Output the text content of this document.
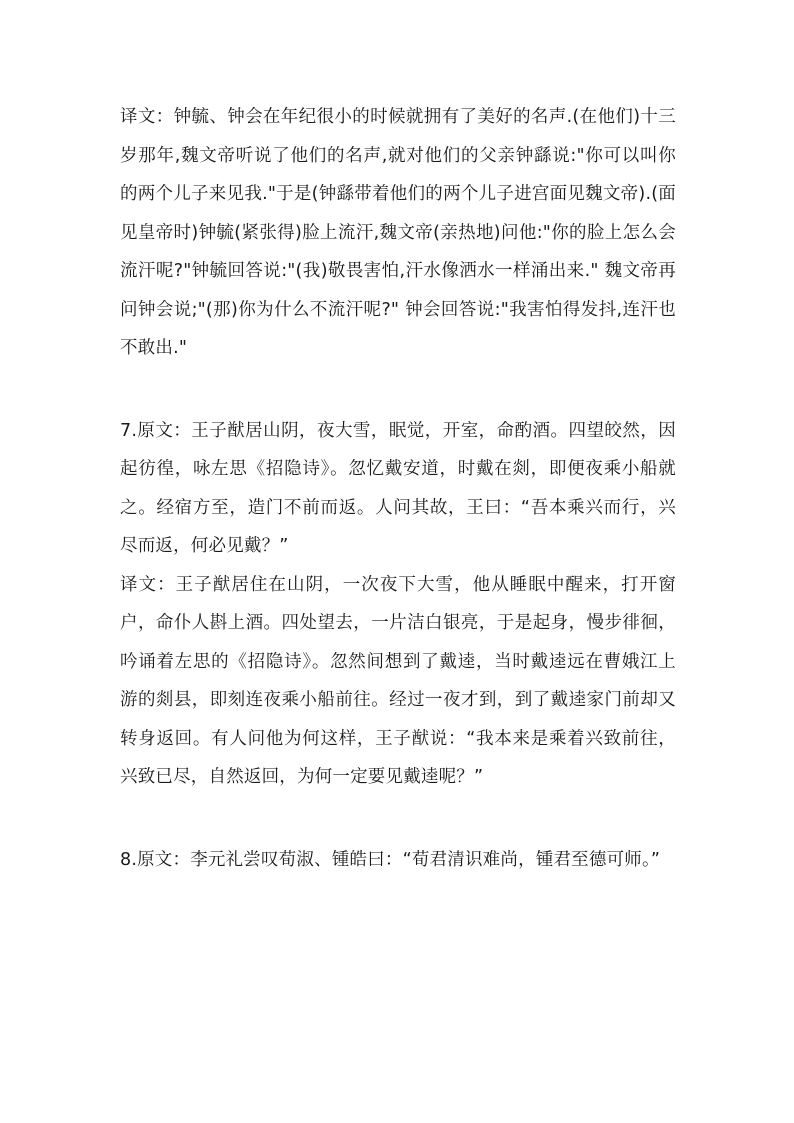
译文：钟毓、钟会在年纪很小的时候就拥有了美好的名声.(在他们)十三岁那年,魏文帝听说了他们的名声,就对他们的父亲钟繇说:"你可以叫你的两个儿子来见我."于是(钟繇带着他们的两个儿子进宫面见魏文帝).(面见皇帝时)钟毓(紧张得)脸上流汗,魏文帝(亲热地)问他:"你的脸上怎么会流汗呢?"钟毓回答说:"(我)敬畏害怕,汗水像洒水一样涌出来." 魏文帝再问钟会说;"(那)你为什么不流汗呢?" 钟会回答说:"我害怕得发抖,连汗也不敢出."

7.原文：王子猷居山阴，夜大雪，眠觉，开室，命酌酒。四望皎然，因起彷徨，咏左思《招隐诗》。忽忆戴安道，时戴在剡，即便夜乘小船就之。经宿方至，造门不前而返。人问其故，王曰：“吾本乘兴而行，兴尽而返，何必见戴？”

译文：王子猷居住在山阴，一次夜下大雪，他从睡眠中醒来，打开窗户，命仆人斟上酒。四处望去，一片洁白银亮，于是起身，慢步徘徊，吟诵着左思的《招隐诗》。忽然间想到了戴逵，当时戴逵远在曹娥江上游的剡县，即刻连夜乘小船前往。经过一夜才到，到了戴逵家门前却又转身返回。有人问他为何这样，王子猷说：“我本来是乘着兴致前往，兴致已尽，自然返回，为何一定要见戴逵呢？”

8.原文：李元礼尝叹荀淑、锺皓曰：“荀君清识难尚，锺君至德可师。”
